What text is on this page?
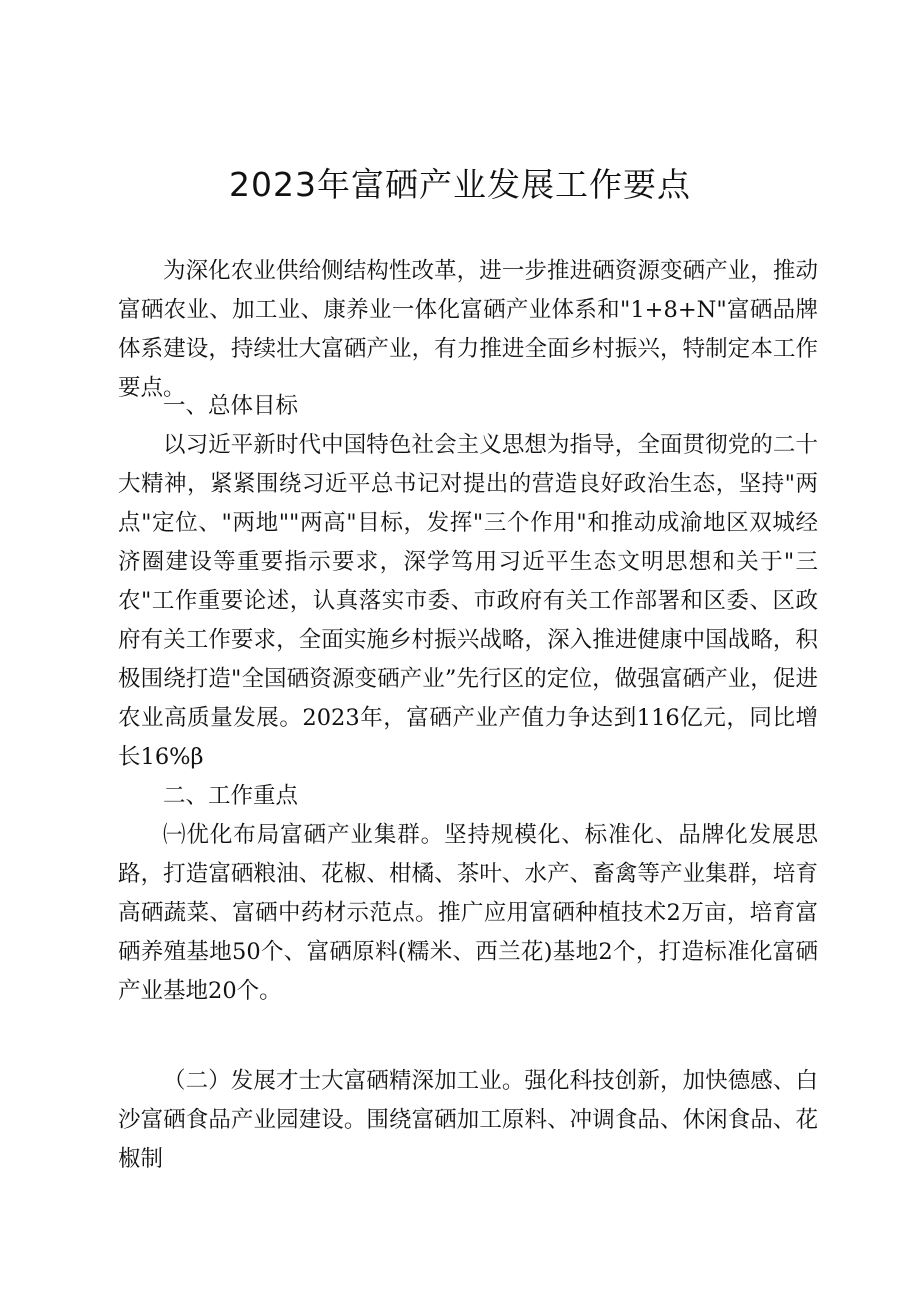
2023年富硒产业发展工作要点

为深化农业供给侧结构性改革，进一步推进硒资源变硒产业，推动富硒农业、加工业、康养业一体化富硒产业体系和"1+8+N"富硒品牌体系建设，持续壮大富硒产业，有力推进全面乡村振兴，特制定本工作要点。

一、总体目标

以习近平新时代中国特色社会主义思想为指导，全面贯彻党的二十大精神，紧紧围绕习近平总书记对提出的营造良好政治生态，坚持"两点"定位、"两地""两高"目标，发挥"三个作用"和推动成渝地区双城经济圈建设等重要指示要求，深学笃用习近平生态文明思想和关于"三农"工作重要论述，认真落实市委、市政府有关工作部署和区委、区政府有关工作要求，全面实施乡村振兴战略，深入推进健康中国战略，积极围绕打造"全国硒资源变硒产业”先行区的定位，做强富硒产业，促进农业高质量发展。2023年，富硒产业产值力争达到116亿元，同比增长16%β

二、工作重点

㈠优化布局富硒产业集群。坚持规模化、标准化、品牌化发展思路，打造富硒粮油、花椒、柑橘、茶叶、水产、畜禽等产业集群，培育高硒蔬菜、富硒中药材示范点。推广应用富硒种植技术2万亩，培育富硒养殖基地50个、富硒原料(糯米、西兰花)基地2个，打造标准化富硒产业基地20个。

（二）发展才士大富硒精深加工业。强化科技创新，加快德感、白沙富硒食品产业园建设。围绕富硒加工原料、冲调食品、休闲食品、花椒制
